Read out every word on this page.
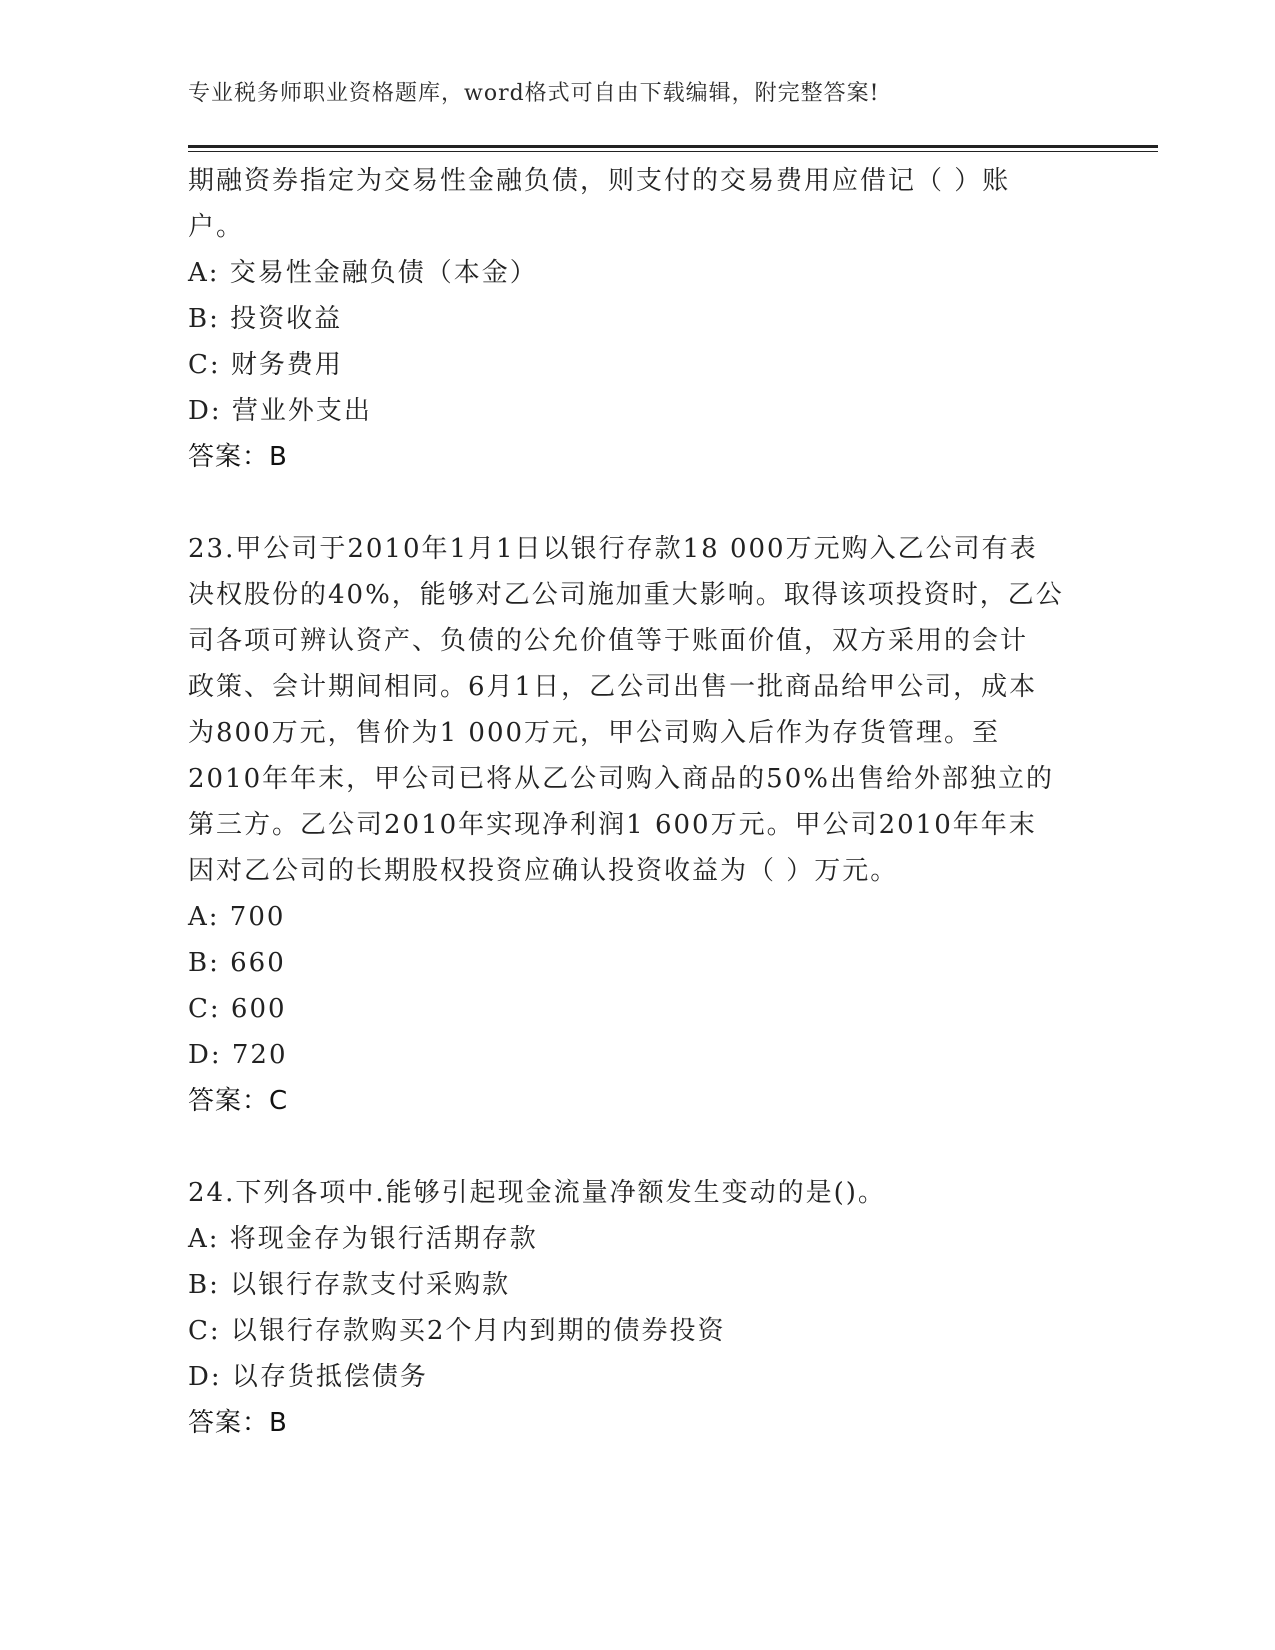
专业税务师职业资格题库，word格式可自由下载编辑，附完整答案!
期融资券指定为交易性金融负债，则支付的交易费用应借记（ ）账
户。
A: 交易性金融负债（本金）
B: 投资收益
C: 财务费用
D: 营业外支出
答案：B
23.甲公司于2010年1月1日以银行存款18 000万元购入乙公司有表
决权股份的40%，能够对乙公司施加重大影响。取得该项投资时，乙公
司各项可辨认资产、负债的公允价值等于账面价值，双方采用的会计
政策、会计期间相同。6月1日，乙公司出售一批商品给甲公司，成本
为800万元，售价为1 000万元，甲公司购入后作为存货管理。至
2010年年末，甲公司已将从乙公司购入商品的50%出售给外部独立的
第三方。乙公司2010年实现净利润1 600万元。甲公司2010年年末
因对乙公司的长期股权投资应确认投资收益为（ ）万元。
A: 700
B: 660
C: 600
D: 720
答案：C
24.下列各项中.能够引起现金流量净额发生变动的是()。
A: 将现金存为银行活期存款
B: 以银行存款支付采购款
C: 以银行存款购买2个月内到期的债券投资
D: 以存货抵偿债务
答案：B
